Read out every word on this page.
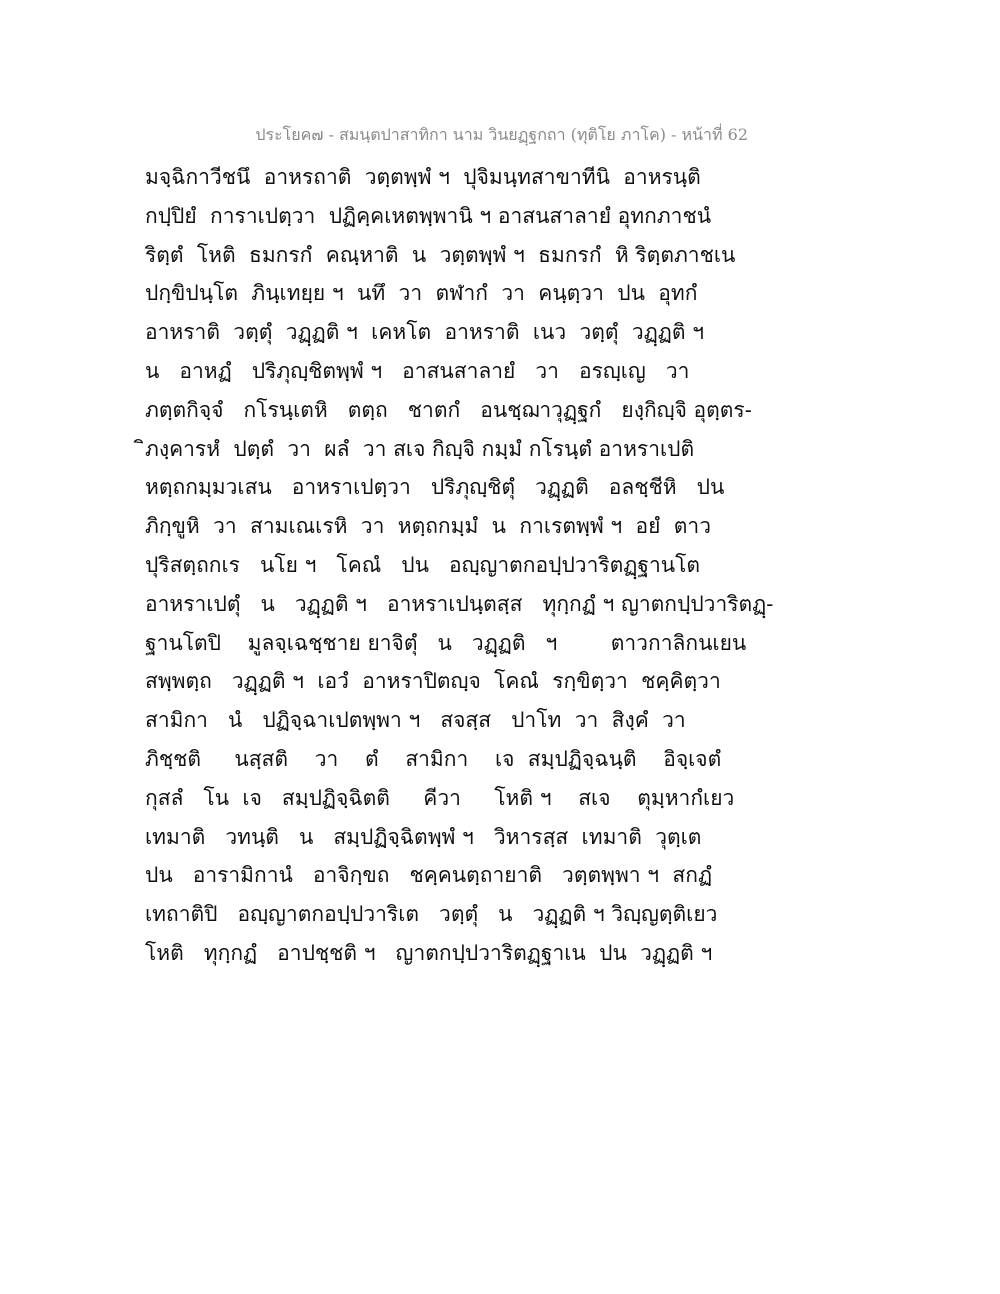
ประโยค๗ - สมนฺตปาสาทิกา นาม วินยฏฺฐกถา (ทุติโย ภาโค) - หน้าที่ 62
มจฺฉิกาวีชนึ  อาหรถาติ  วตฺตพฺพํ ฯ  ปุจิมนฺทสาขาทีนิ  อาหรนฺติ
กปฺปิยํ  การาเปตฺวา  ปฏิคฺคเหตพฺพานิ ฯ อาสนสาลายํ อุทกภาชนํ
ริตฺตํ  โหติ  ธมกรกํ  คณฺหาติ  น  วตฺตพฺพํ ฯ  ธมกรกํ  หิ ริตฺตภาชเน
ปกฺขิปนฺโต  ภินฺเทยฺย ฯ  นทึ  วา  ตฬากํ  วา  คนฺตฺวา  ปน  อุทกํ
อาหราติ  วตฺตุํ  วฏฺฏติ ฯ  เคหโต  อาหราติ  เนว  วตฺตุํ  วฏฺฏติ ฯ
น   อาหฏํ   ปริภุญฺชิตพฺพํ ฯ   อาสนสาลายํ   วา   อรญฺเญ   วา
ภตฺตกิจฺจํ   กโรนฺเตหิ   ตตฺถ   ชาตกํ   อนชฺฌาวุฏฺฐกํ   ยงฺกิญฺจิ อุตฺตร-
ิภงฺคารหํ  ปตฺตํ  วา  ผลํ  วา สเจ กิญฺจิ กมฺมํ กโรนฺตํ อาหราเปติ
หตฺถกมฺมวเสน   อาหราเปตฺวา   ปริภุญฺชิตุํ   วฏฺฏติ   อลชฺชีหิ   ปน
ภิกฺขูหิ  วา  สามเณเรหิ  วา  หตฺถกมฺมํ  น  กาเรตพฺพํ ฯ  อยํ  ตาว
ปุริสตฺถกเร   นโย ฯ   โคณํ   ปน   อญฺญาตกอปฺปวาริตฏฺฐานโต
อาหราเปตุํ   น   วฏฺฏติ ฯ   อาหราเปนฺตสฺส   ทุกฺกฏํ ฯ ญาตกปฺปวาริตฏฺ-
ฐานโตปิ    มูลจฺเฉชฺชาย ยาจิตุํ   น   วฏฺฏติ   ฯ        ตาวกาลิกนเยน
สพฺพตฺถ   วฏฺฏติ ฯ  เอวํ  อาหราปิตญฺจ  โคณํ  รกฺขิตฺวา  ชคฺคิตฺวา
สามิกา   นํ   ปฏิจฺฉาเปตพฺพา ฯ   สจสฺส   ปาโท  วา  สิงฺคํ  วา
ภิชฺชติ     นสฺสติ    วา    ตํ    สามิกา    เจ  สมฺปฏิจฺฉนฺติ    อิจฺเจตํ
กุสลํ   โน  เจ   สมฺปฏิจฺฉิตติ     คีวา     โหติ ฯ    สเจ    ตุมฺหากํเยว
เทมาติ   วทนฺติ   น   สมฺปฏิจฺฉิตพฺพํ ฯ   วิหารสฺส  เทมาติ  วุตฺเต
ปน   อารามิกานํ   อาจิกฺขถ   ชคฺคนตฺถายาติ   วตฺตพฺพา ฯ  สกฏํ
เทถาติปิ   อญฺญาตกอปฺปวาริเต   วตฺตุํ   น   วฏฺฏติ ฯ วิญฺญตฺติเยว
โหติ   ทุกฺกฏํ   อาปชฺชติ ฯ   ญาตกปฺปวาริตฏฺฐาเน  ปน  วฏฺฏติ ฯ
